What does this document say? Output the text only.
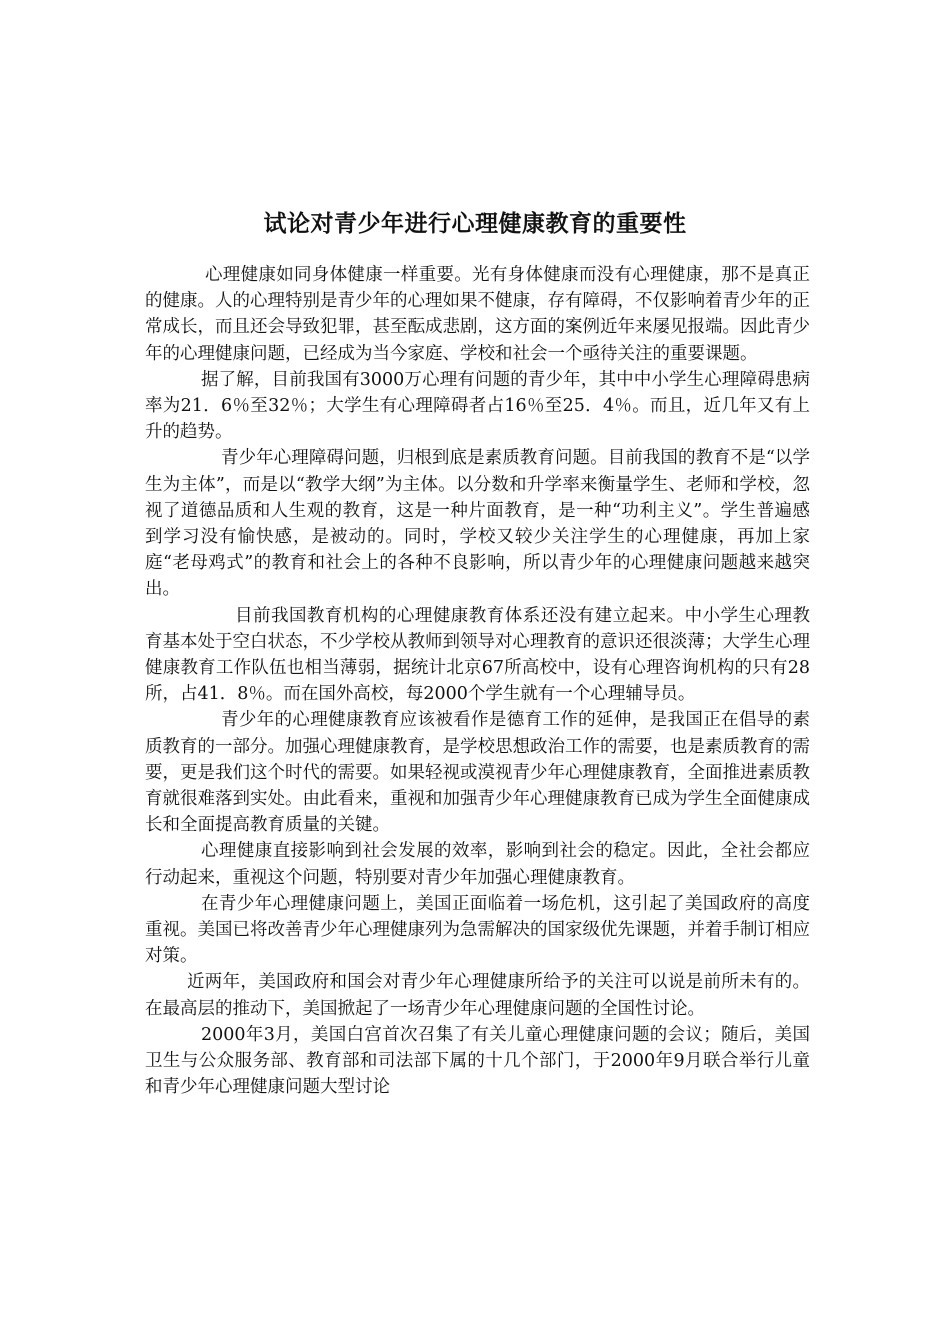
试论对青少年进行心理健康教育的重要性

心理健康如同身体健康一样重要。光有身体健康而没有心理健康，那不是真正的健康。人的心理特别是青少年的心理如果不健康，存有障碍，不仅影响着青少年的正常成长，而且还会导致犯罪，甚至酝成悲剧，这方面的案例近年来屡见报端。因此青少年的心理健康问题，已经成为当今家庭、学校和社会一个亟待关注的重要课题。

据了解，目前我国有3000万心理有问题的青少年，其中中小学生心理障碍患病率为21．6％至32％；大学生有心理障碍者占16％至25．4％。而且，近几年又有上升的趋势。

青少年心理障碍问题，归根到底是素质教育问题。目前我国的教育不是“以学生为主体”，而是以“教学大纲”为主体。以分数和升学率来衡量学生、老师和学校，忽视了道德品质和人生观的教育，这是一种片面教育，是一种“功利主义”。学生普遍感到学习没有愉快感，是被动的。同时，学校又较少关注学生的心理健康，再加上家庭“老母鸡式”的教育和社会上的各种不良影响，所以青少年的心理健康问题越来越突出。

目前我国教育机构的心理健康教育体系还没有建立起来。中小学生心理教育基本处于空白状态，不少学校从教师到领导对心理教育的意识还很淡薄；大学生心理健康教育工作队伍也相当薄弱，据统计北京67所高校中，设有心理咨询机构的只有28所，占41．8％。而在国外高校，每2000个学生就有一个心理辅导员。

青少年的心理健康教育应该被看作是德育工作的延伸，是我国正在倡导的素质教育的一部分。加强心理健康教育，是学校思想政治工作的需要，也是素质教育的需要，更是我们这个时代的需要。如果轻视或漠视青少年心理健康教育，全面推进素质教育就很难落到实处。由此看来，重视和加强青少年心理健康教育已成为学生全面健康成长和全面提高教育质量的关键。

心理健康直接影响到社会发展的效率，影响到社会的稳定。因此，全社会都应行动起来，重视这个问题，特别要对青少年加强心理健康教育。

在青少年心理健康问题上，美国正面临着一场危机，这引起了美国政府的高度重视。美国已将改善青少年心理健康列为急需解决的国家级优先课题，并着手制订相应对策。

近两年，美国政府和国会对青少年心理健康所给予的关注可以说是前所未有的。在最高层的推动下，美国掀起了一场青少年心理健康问题的全国性讨论。

2000年3月，美国白宫首次召集了有关儿童心理健康问题的会议；随后，美国卫生与公众服务部、教育部和司法部下属的十几个部门，于2000年9月联合举行儿童和青少年心理健康问题大型讨论
